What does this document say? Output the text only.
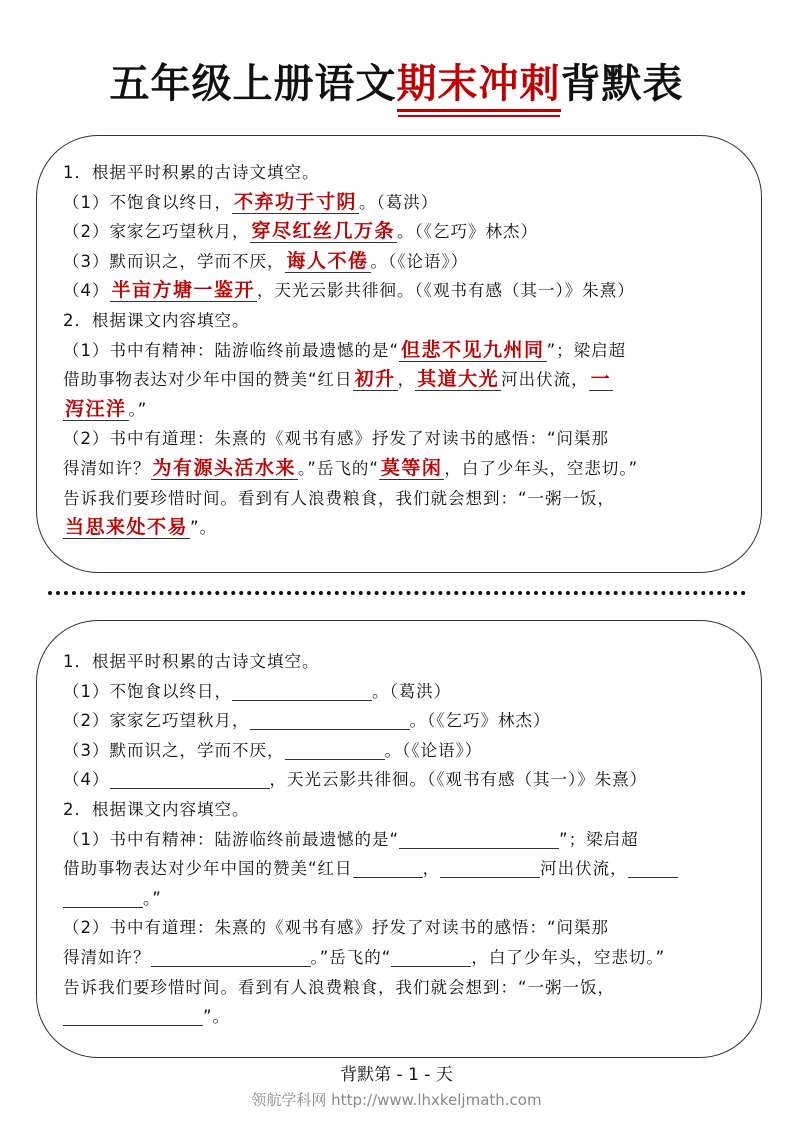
五年级上册语文期末冲刺背默表
1．根据平时积累的古诗文填空。
（1）不饱食以终日， 不弃功于寸阴 。（葛洪）
（2）家家乞巧望秋月， 穿尽红丝几万条 。（《乞巧》林杰）
（3）默而识之，学而不厌， 诲人不倦 。（《论语》）
（4） 半亩方塘一鉴开 ，天光云影共徘徊。（《观书有感（其一）》朱熹）
2．根据课文内容填空。
（1）书中有精神：陆游临终前最遗憾的是“ 但悲不见九州同 ”；梁启超
借助事物表达对少年中国的赞美“红日 初升 ， 其道大光 河出伏流， 一
泻汪洋 。”
（2）书中有道理：朱熹的《观书有感》抒发了对读书的感悟：“问渠那
得清如许？ 为有源头活水来 。”岳飞的“ 莫等闲 ，白了少年头，空悲切。”
告诉我们要珍惜时间。看到有人浪费粮食，我们就会想到：“一粥一饭，
当思来处不易 ”。
1．根据平时积累的古诗文填空。
（1）不饱食以终日，	。（葛洪）
（2）家家乞巧望秋月，	。（《乞巧》林杰）
（3）默而识之，学而不厌，	。（《论语》）
（4）	，天光云影共徘徊。（《观书有感（其一）》朱熹）
2．根据课文内容填空。
（1）书中有精神：陆游临终前最遗憾的是“	”；梁启超
借助事物表达对少年中国的赞美“红日	，	河出伏流，
。”
（2）书中有道理：朱熹的《观书有感》抒发了对读书的感悟：“问渠那
得清如许？	。”岳飞的“	，白了少年头，空悲切。”
告诉我们要珍惜时间。看到有人浪费粮食，我们就会想到：“一粥一饭，
”。
背默第 - 1 - 天
领航学科网 http://www.lhxkeljmath.com
